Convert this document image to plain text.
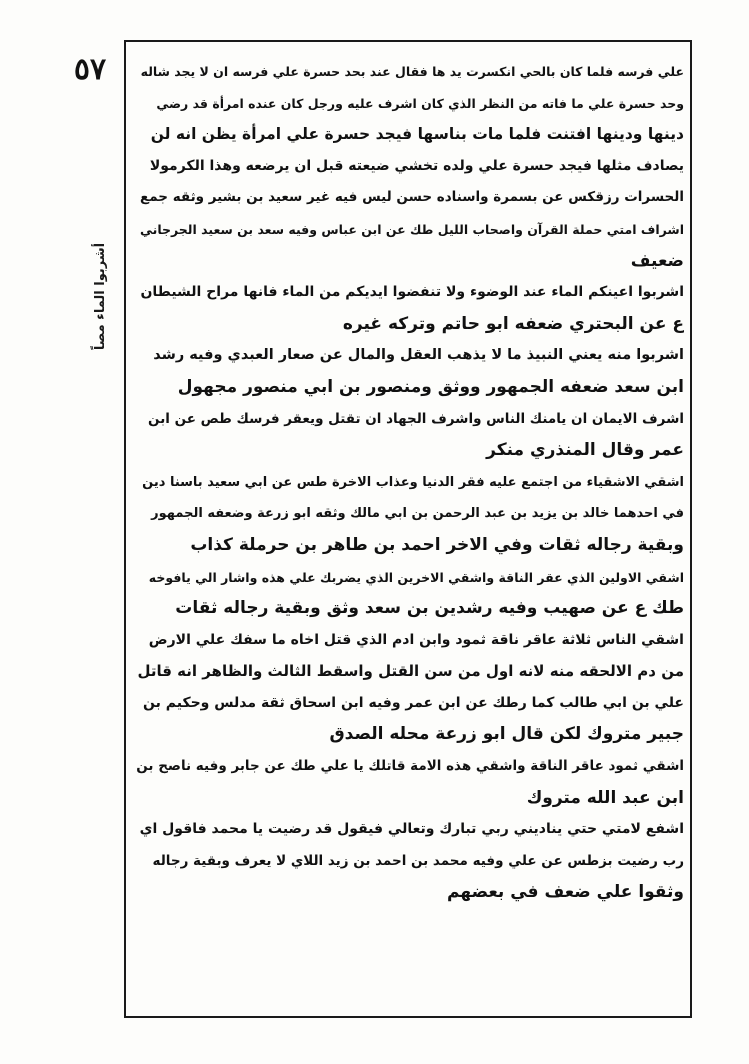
٥٧
أشربوا الماء مصاً
علي فرسه فلما كان بالحي انكسرت يد ها فقال عند بحد حسرة علي فرسه ان لا يجد شاله
وحد حسرة علي ما فاته من النظر الذي كان اشرف عليه ورجل كان عنده امرأة قد رضي
دينها ودينها افتنت فلما مات بناسها فيجد حسرة علي امرأة يظن انه لن
يصادف مثلها فيجد حسرة علي ولده تخشي ضيعته قبل ان يرضعه وهذا الكرمولا
الحسرات رزقكس عن بسمرة واسناده حسن ليس فيه غير سعيد بن بشير وثقه جمع
اشراف امتي حملة القرآن واصحاب الليل طك عن ابن عباس وفيه سعد بن سعيد الجرجاني
ضعيف
اشربوا اعينكم الماء عند الوضوء ولا تنفضوا ايديكم من الماء فانها مراح الشيطان
ع عن البحتري ضعفه ابو حاتم وتركه غيره
اشربوا منه يعني النبيذ ما لا يذهب العقل والمال عن صعار العبدي وفيه رشد
ابن سعد ضعفه الجمهور ووثق ومنصور بن ابي منصور مجهول
اشرف الايمان ان يامنك الناس واشرف الجهاد ان تقتل ويعقر فرسك طص عن ابن
عمر وقال المنذري منكر
اشقي الاشقياء من اجتمع عليه فقر الدنيا وعذاب الاخرة طس عن ابي سعيد باسنا دين
في احدهما خالد بن يزيد بن عبد الرحمن بن ابي مالك وثقه ابو زرعة وضعفه الجمهور
وبقية رجاله ثقات وفي الاخر احمد بن طاهر بن حرملة كذاب
اشقي الاولين الذي عقر الناقة واشقي الاخرين الذي يضربك علي هذه واشار الي يافوخه
طك ع عن صهيب وفيه رشدين بن سعد وثق وبقية رجاله ثقات
اشقي الناس ثلاثة عاقر ناقة ثمود وابن ادم الذي قتل اخاه ما سفك علي الارض
من دم الالحقه منه لانه اول من سن القتل واسقط الثالث والظاهر انه قاتل
علي بن ابي طالب كما رطك عن ابن عمر وفيه ابن اسحاق ثقة مدلس وحكيم بن
جبير متروك لكن قال ابو زرعة محله الصدق
اشقي ثمود عاقر الناقة واشقي هذه الامة قاتلك يا علي طك عن جابر وفيه ناصح بن
ابن عبد الله متروك
اشفع لامتي حتي يناديني ربي تبارك وتعالي فيقول قد رضيت يا محمد فاقول اي
رب رضيت بزطس عن علي وفيه محمد بن احمد بن زيد اللاي لا يعرف وبقية رجاله
وثقوا علي ضعف في بعضهم
